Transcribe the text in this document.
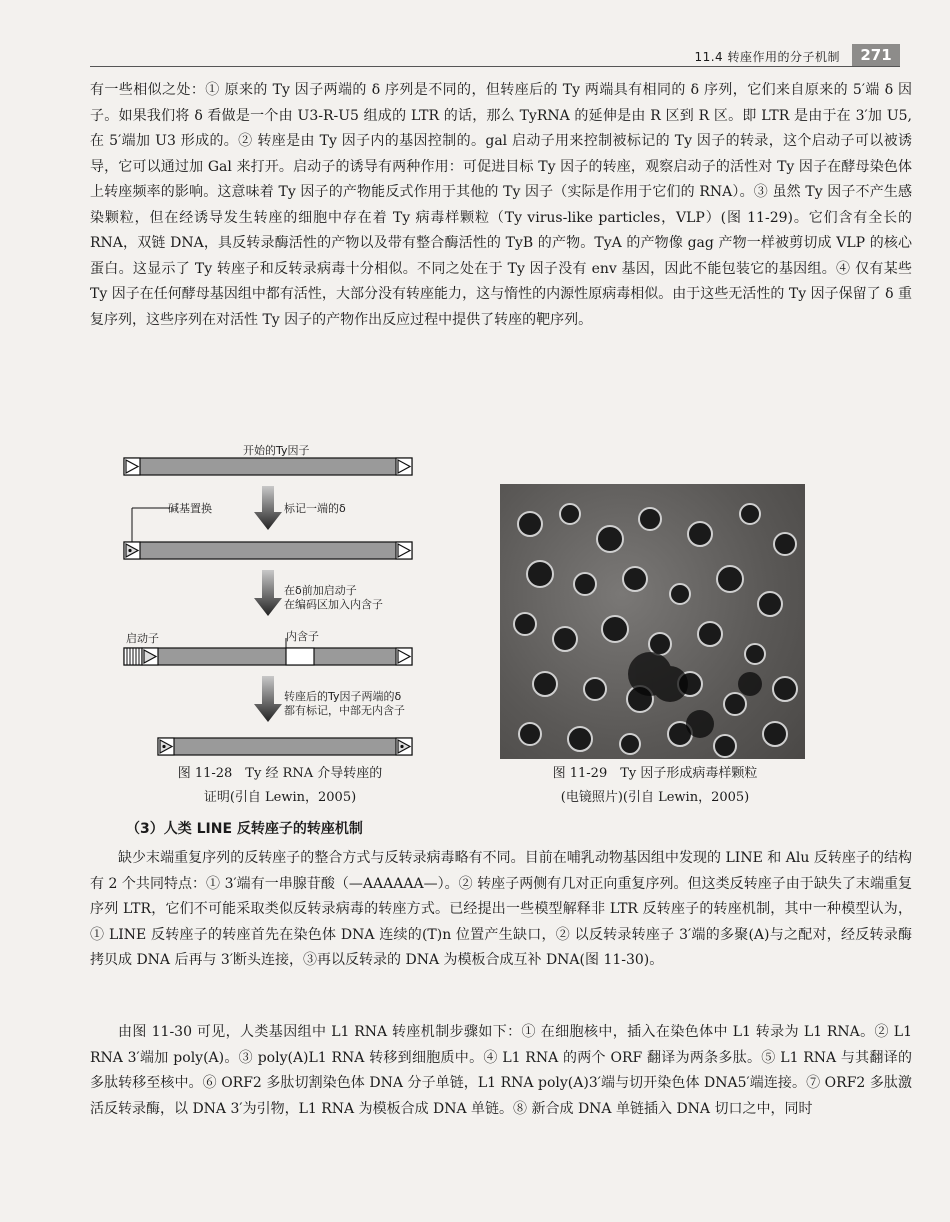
11.4 转座作用的分子机制	271

有一些相似之处：① 原来的 Ty 因子两端的 δ 序列是不同的，但转座后的 Ty 两端具有相同的 δ 序列，它们来自原来的 5′端 δ 因子。如果我们将 δ 看做是一个由 U3-R-U5 组成的 LTR 的话，那么 TyRNA 的延伸是由 R 区到 R 区。即 LTR 是由于在 3′加 U5,在 5′端加 U3 形成的。② 转座是由 Ty 因子内的基因控制的。gal 启动子用来控制被标记的 Ty 因子的转录，这个启动子可以被诱导，它可以通过加 Gal 来打开。启动子的诱导有两种作用：可促进目标 Ty 因子的转座，观察启动子的活性对 Ty 因子在酵母染色体上转座频率的影响。这意味着 Ty 因子的产物能反式作用于其他的 Ty 因子（实际是作用于它们的 RNA）。③ 虽然 Ty 因子不产生感染颗粒，但在经诱导发生转座的细胞中存在着 Ty 病毒样颗粒（Ty virus-like particles，VLP）(图 11-29)。它们含有全长的 RNA，双链 DNA，具反转录酶活性的产物以及带有整合酶活性的 TyB 的产物。TyA 的产物像 gag 产物一样被剪切成 VLP 的核心蛋白。这显示了 Ty 转座子和反转录病毒十分相似。不同之处在于 Ty 因子没有 env 基因，因此不能包装它的基因组。④ 仅有某些 Ty 因子在任何酵母基因组中都有活性，大部分没有转座能力，这与惰性的内源性原病毒相似。由于这些无活性的 Ty 因子保留了 δ 重复序列，这些序列在对活性 Ty 因子的产物作出反应过程中提供了转座的靶序列。

开始的Ty因子
碱基置换	标记一端的δ
在δ前加启动子
在编码区加入内含子
启动子	内含子
转座后的Ty因子两端的δ
都有标记，中部无内含子
图 11-28　Ty 经 RNA 介导转座的
证明(引自 Lewin，2005)
图 11-29　Ty 因子形成病毒样颗粒
(电镜照片)(引自 Lewin，2005)
（3）人类 LINE 反转座子的转座机制

缺少末端重复序列的反转座子的整合方式与反转录病毒略有不同。目前在哺乳动物基因组中发现的 LINE 和 Alu 反转座子的结构有 2 个共同特点：① 3′端有一串腺苷酸（—AAAAAA—）。② 转座子两侧有几对正向重复序列。但这类反转座子由于缺失了末端重复序列 LTR，它们不可能采取类似反转录病毒的转座方式。已经提出一些模型解释非 LTR 反转座子的转座机制，其中一种模型认为，① LINE 反转座子的转座首先在染色体 DNA 连续的(T)n 位置产生缺口，② 以反转录转座子 3′端的多聚(A)与之配对，经反转录酶拷贝成 DNA 后再与 3′断头连接，③再以反转录的 DNA 为模板合成互补 DNA(图 11-30)。

由图 11-30 可见，人类基因组中 L1 RNA 转座机制步骤如下：① 在细胞核中，插入在染色体中 L1 转录为 L1 RNA。② L1 RNA 3′端加 poly(A)。③ poly(A)L1 RNA 转移到细胞质中。④ L1 RNA 的两个 ORF 翻译为两条多肽。⑤ L1 RNA 与其翻译的多肽转移至核中。⑥ ORF2 多肽切割染色体 DNA 分子单链，L1 RNA poly(A)3′端与切开染色体 DNA5′端连接。⑦ ORF2 多肽激活反转录酶，以 DNA 3′为引物，L1 RNA 为模板合成 DNA 单链。⑧ 新合成 DNA 单链插入 DNA 切口之中，同时
